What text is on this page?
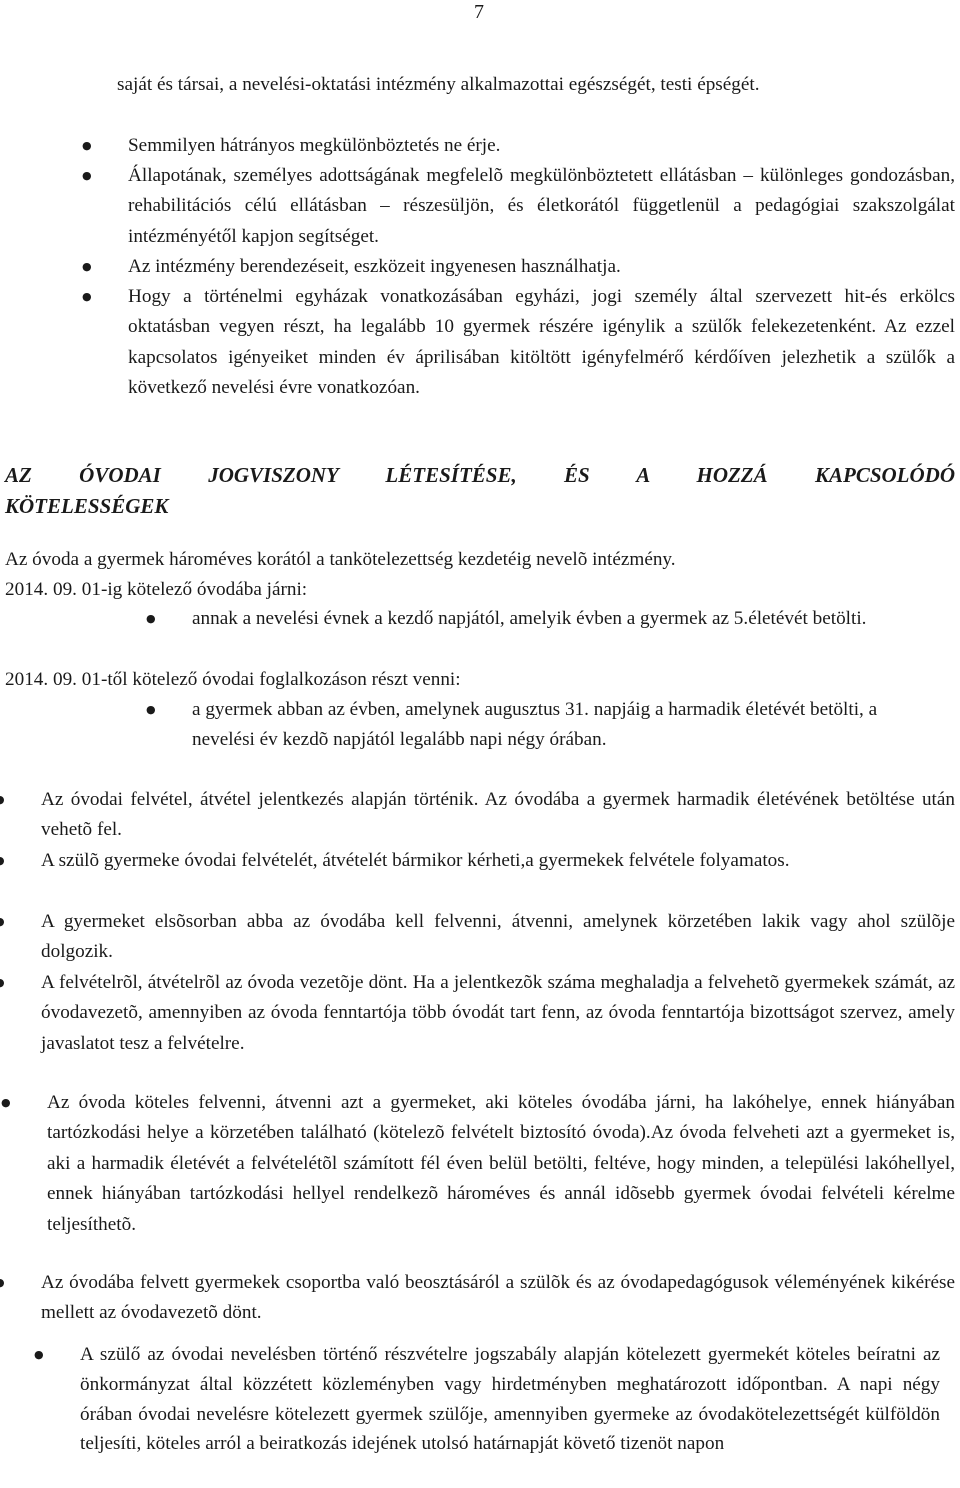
7

saját és társai, a nevelési-oktatási intézmény alkalmazottai egészségét, testi épségét.

● Semmilyen hátrányos megkülönböztetés ne érje.

● Állapotának, személyes adottságának megfelelõ megkülönböztetett ellátásban – különleges gondozásban, rehabilitációs célú ellátásban – részesüljön, és életkorától függetlenül a pedagógiai szakszolgálat intézményétől kapjon segítséget.

● Az intézmény berendezéseit, eszközeit ingyenesen használhatja.

● Hogy a történelmi egyházak vonatkozásában egyházi, jogi személy által szervezett hit-és erkölcs oktatásban vegyen részt, ha legalább 10 gyermek részére igénylik a szülők felekezetenként. Az ezzel kapcsolatos igényeiket minden év áprilisában kitöltött igényfelmérő kérdőíven jelezhetik a szülők a következő nevelési évre vonatkozóan.

AZ ÓVODAI JOGVISZONY LÉTESÍTÉSE, ÉS A HOZZÁ KAPCSOLÓDÓ
KÖTELESSÉGEK

Az óvoda a gyermek hároméves korától a tankötelezettség kezdetéig nevelõ intézmény.

2014. 09. 01-ig kötelező óvodába járni:

● annak a nevelési évnek a kezdő napjától, amelyik évben a gyermek az 5.életévét betölti.

2014. 09. 01-től kötelező óvodai foglalkozáson részt venni:

● a gyermek abban az évben, amelynek augusztus 31. napjáig a harmadik életévét betölti, a nevelési év kezdõ napjától legalább napi négy órában.

● Az óvodai felvétel, átvétel jelentkezés alapján történik. Az óvodába a gyermek harmadik életévének betöltése után vehetõ fel.

● A szülõ gyermeke óvodai felvételét, átvételét bármikor kérheti,a gyermekek felvétele folyamatos.

● A gyermeket elsõsorban abba az óvodába kell felvenni, átvenni, amelynek körzetében lakik vagy ahol szülõje dolgozik.

● A felvételrõl, átvételrõl az óvoda vezetõje dönt. Ha a jelentkezõk száma meghaladja a felvehetõ gyermekek számát, az óvodavezetõ, amennyiben az óvoda fenntartója több óvodát tart fenn, az óvoda fenntartója bizottságot szervez, amely javaslatot tesz a felvételre.

● Az óvoda köteles felvenni, átvenni azt a gyermeket, aki köteles óvodába járni, ha lakóhelye, ennek hiányában tartózkodási helye a körzetében található (kötelezõ felvételt biztosító óvoda).Az óvoda felveheti azt a gyermeket is, aki a harmadik életévét a felvételétõl számított fél éven belül betölti, feltéve, hogy minden, a települési lakóhellyel, ennek hiányában tartózkodási hellyel rendelkezõ hároméves és annál idõsebb gyermek óvodai felvételi kérelme teljesíthetõ.

● Az óvodába felvett gyermekek csoportba való beosztásáról a szülõk és az óvodapedagógusok véleményének kikérése mellett az óvodavezetõ dönt.

● A szülő az óvodai nevelésben történő részvételre jogszabály alapján kötelezett gyermekét köteles beíratni az önkormányzat által közzétett közleményben vagy hirdetményben meghatározott időpontban. A napi négy órában óvodai nevelésre kötelezett gyermek szülője, amennyiben gyermeke az óvodakötelezettségét külföldön teljesíti, köteles arról a beiratkozás idejének utolsó határnapját követő tizenöt napon
